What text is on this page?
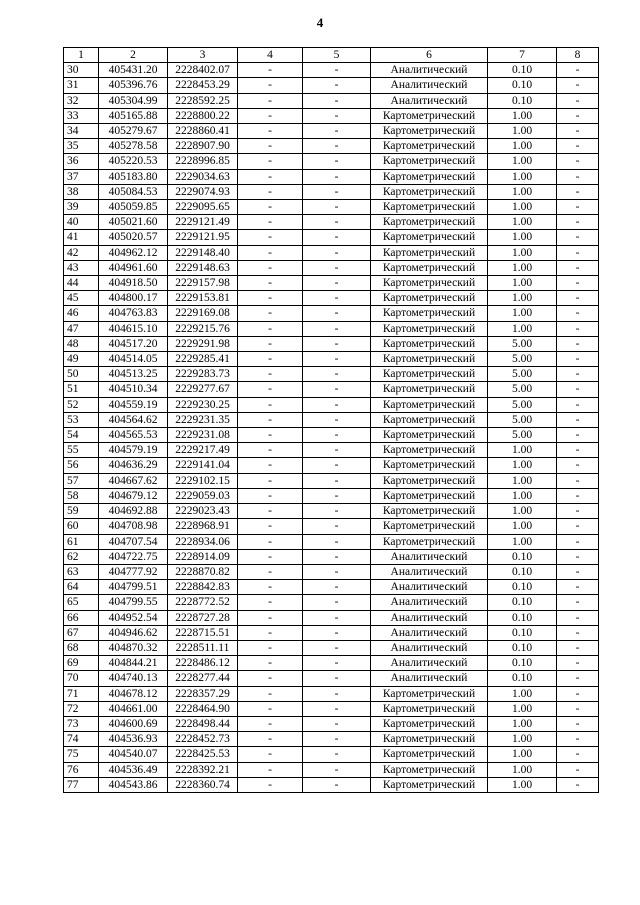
4
1	2	3	4	5	6	7	8
30	405431.20	2228402.07	-	-	Аналитический	0.10	-
31	405396.76	2228453.29	-	-	Аналитический	0.10	-
32	405304.99	2228592.25	-	-	Аналитический	0.10	-
33	405165.88	2228800.22	-	-	Картометрический	1.00	-
34	405279.67	2228860.41	-	-	Картометрический	1.00	-
35	405278.58	2228907.90	-	-	Картометрический	1.00	-
36	405220.53	2228996.85	-	-	Картометрический	1.00	-
37	405183.80	2229034.63	-	-	Картометрический	1.00	-
38	405084.53	2229074.93	-	-	Картометрический	1.00	-
39	405059.85	2229095.65	-	-	Картометрический	1.00	-
40	405021.60	2229121.49	-	-	Картометрический	1.00	-
41	405020.57	2229121.95	-	-	Картометрический	1.00	-
42	404962.12	2229148.40	-	-	Картометрический	1.00	-
43	404961.60	2229148.63	-	-	Картометрический	1.00	-
44	404918.50	2229157.98	-	-	Картометрический	1.00	-
45	404800.17	2229153.81	-	-	Картометрический	1.00	-
46	404763.83	2229169.08	-	-	Картометрический	1.00	-
47	404615.10	2229215.76	-	-	Картометрический	1.00	-
48	404517.20	2229291.98	-	-	Картометрический	5.00	-
49	404514.05	2229285.41	-	-	Картометрический	5.00	-
50	404513.25	2229283.73	-	-	Картометрический	5.00	-
51	404510.34	2229277.67	-	-	Картометрический	5.00	-
52	404559.19	2229230.25	-	-	Картометрический	5.00	-
53	404564.62	2229231.35	-	-	Картометрический	5.00	-
54	404565.53	2229231.08	-	-	Картометрический	5.00	-
55	404579.19	2229217.49	-	-	Картометрический	1.00	-
56	404636.29	2229141.04	-	-	Картометрический	1.00	-
57	404667.62	2229102.15	-	-	Картометрический	1.00	-
58	404679.12	2229059.03	-	-	Картометрический	1.00	-
59	404692.88	2229023.43	-	-	Картометрический	1.00	-
60	404708.98	2228968.91	-	-	Картометрический	1.00	-
61	404707.54	2228934.06	-	-	Картометрический	1.00	-
62	404722.75	2228914.09	-	-	Аналитический	0.10	-
63	404777.92	2228870.82	-	-	Аналитический	0.10	-
64	404799.51	2228842.83	-	-	Аналитический	0.10	-
65	404799.55	2228772.52	-	-	Аналитический	0.10	-
66	404952.54	2228727.28	-	-	Аналитический	0.10	-
67	404946.62	2228715.51	-	-	Аналитический	0.10	-
68	404870.32	2228511.11	-	-	Аналитический	0.10	-
69	404844.21	2228486.12	-	-	Аналитический	0.10	-
70	404740.13	2228277.44	-	-	Аналитический	0.10	-
71	404678.12	2228357.29	-	-	Картометрический	1.00	-
72	404661.00	2228464.90	-	-	Картометрический	1.00	-
73	404600.69	2228498.44	-	-	Картометрический	1.00	-
74	404536.93	2228452.73	-	-	Картометрический	1.00	-
75	404540.07	2228425.53	-	-	Картометрический	1.00	-
76	404536.49	2228392.21	-	-	Картометрический	1.00	-
77	404543.86	2228360.74	-	-	Картометрический	1.00	-
